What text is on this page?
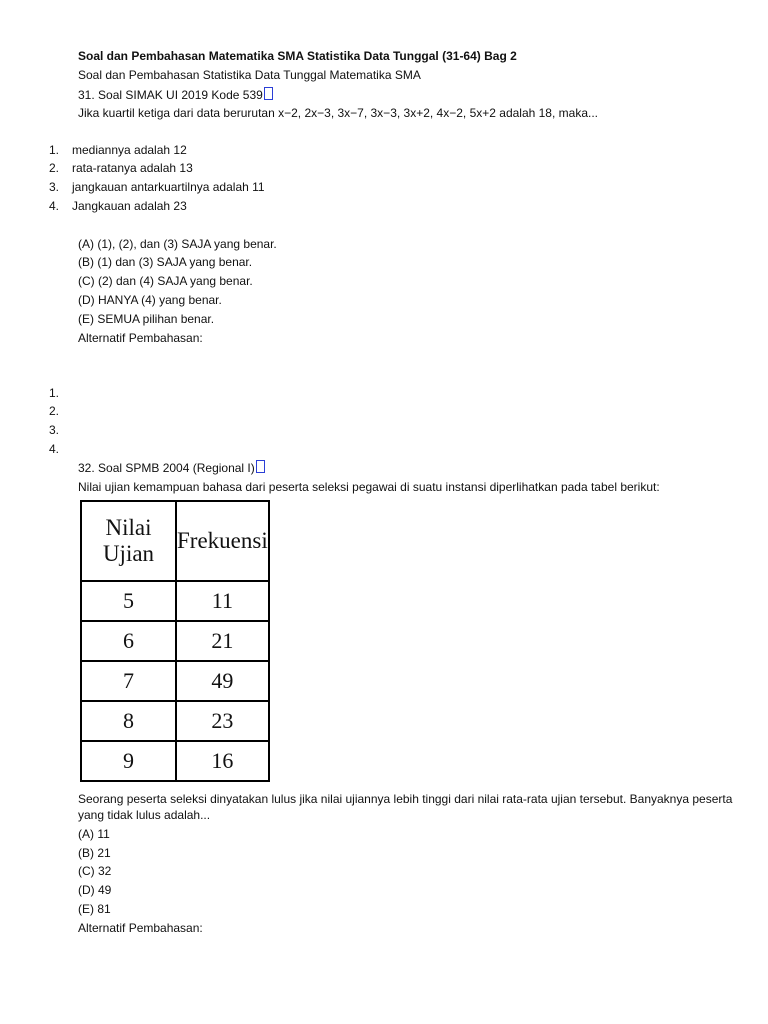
Soal dan Pembahasan Matematika SMA Statistika Data Tunggal (31-64) Bag 2
Soal dan Pembahasan Statistika Data Tunggal Matematika SMA
31. Soal SIMAK UI 2019 Kode 539
Jika kuartil ketiga dari data berurutan x−2, 2x−3, 3x−7, 3x−3, 3x+2, 4x−2, 5x+2 adalah 18, maka...
1. mediannya adalah 12
2. rata-ratanya adalah 13
3. jangkauan antarkuartilnya adalah 11
4. Jangkauan adalah 23
(A) (1), (2), dan (3) SAJA yang benar.
(B) (1) dan (3) SAJA yang benar.
(C) (2) dan (4) SAJA yang benar.
(D) HANYA (4) yang benar.
(E) SEMUA pilihan benar.
Alternatif Pembahasan:
1.
2.
3.
4.
32. Soal SPMB 2004 (Regional I)
Nilai ujian kemampuan bahasa dari peserta seleksi pegawai di suatu instansi diperlihatkan pada tabel berikut:
Nilai Ujian	Frekuensi
5	11
6	21
7	49
8	23
9	16
Seorang peserta seleksi dinyatakan lulus jika nilai ujiannya lebih tinggi dari nilai rata-rata ujian tersebut. Banyaknya peserta yang tidak lulus adalah...
(A) 11
(B) 21
(C) 32
(D) 49
(E) 81
Alternatif Pembahasan:
